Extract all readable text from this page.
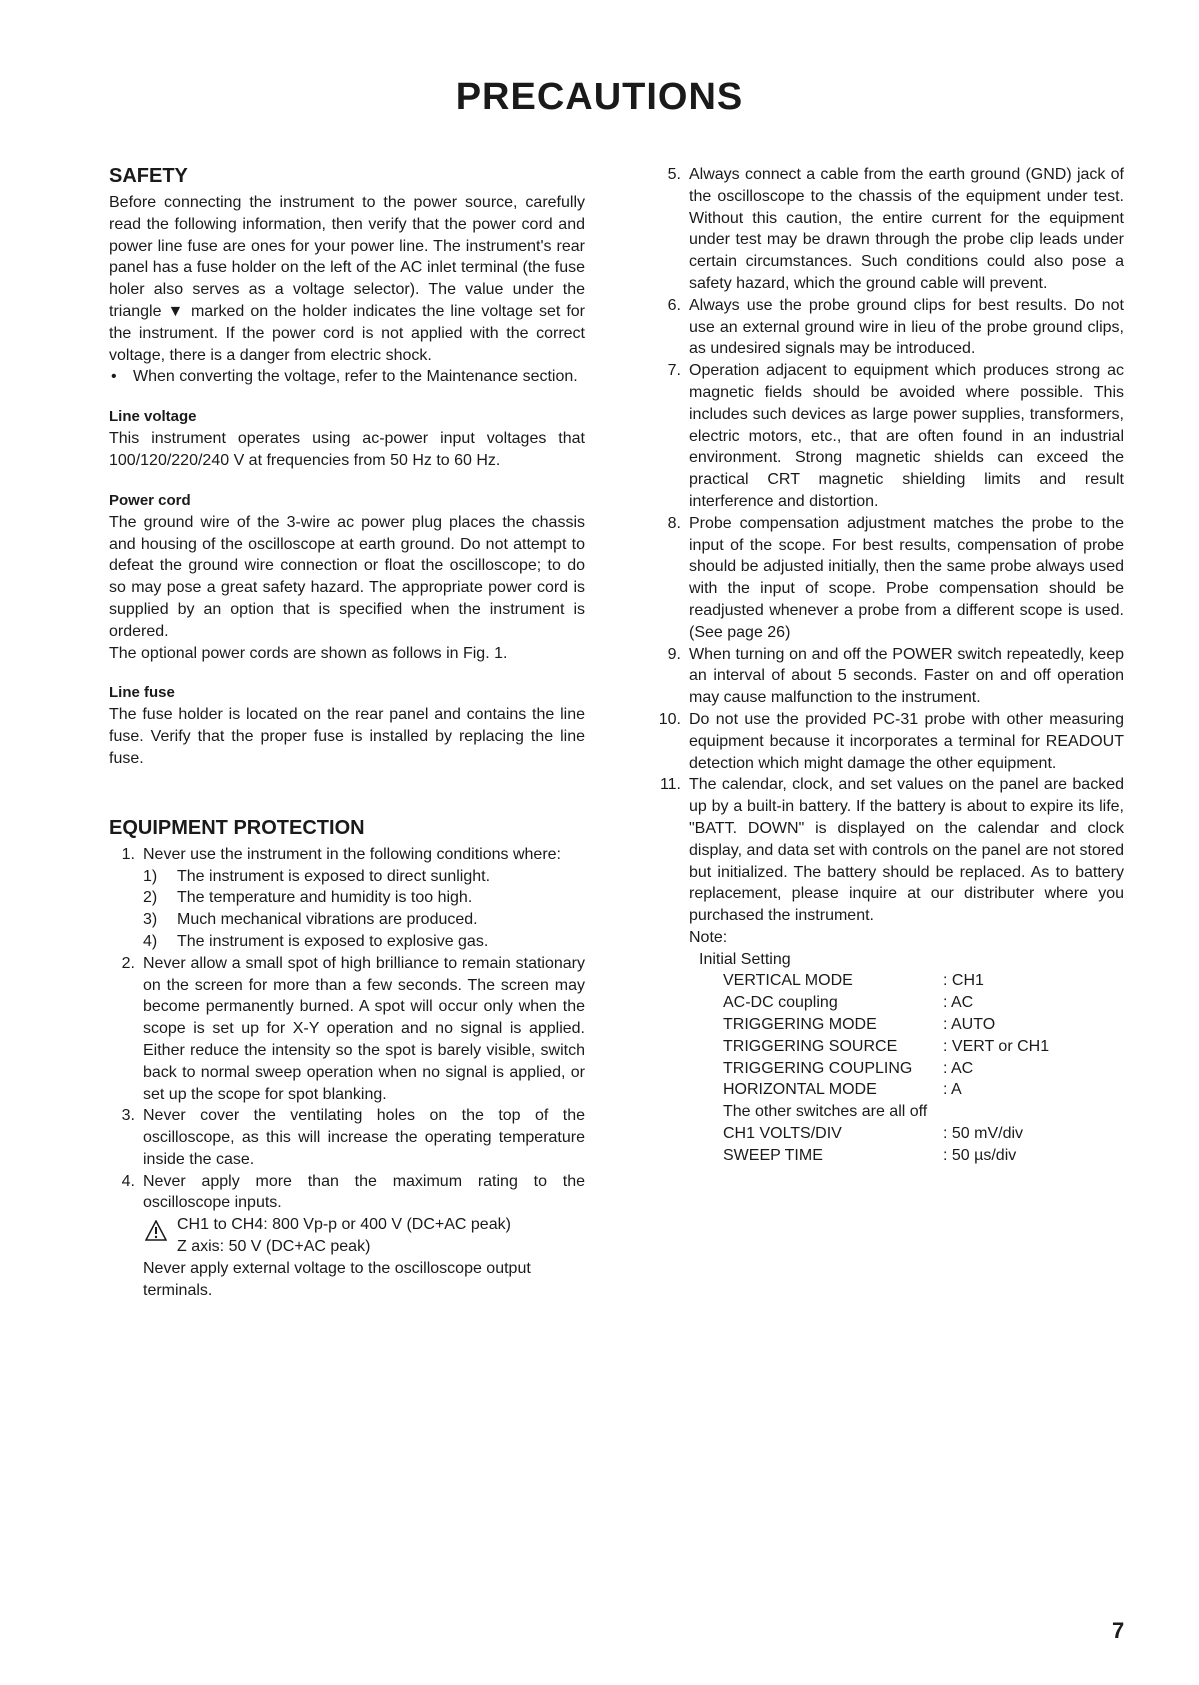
PRECAUTIONS
SAFETY

Before connecting the instrument to the power source, carefully read the following information, then verify that the power cord and power line fuse are ones for your power line. The instrument's rear panel has a fuse holder on the left of the AC inlet terminal (the fuse holer also serves as a voltage selector). The value under the triangle ▼ marked on the holder indicates the line voltage set for the instrument. If the power cord is not applied with the correct voltage, there is a danger from electric shock.

• When converting the voltage, refer to the Maintenance section.

Line voltage

This instrument operates using ac-power input voltages that 100/120/220/240 V at frequencies from 50 Hz to 60 Hz.

Power cord

The ground wire of the 3-wire ac power plug places the chassis and housing of the oscilloscope at earth ground. Do not attempt to defeat the ground wire connection or float the oscilloscope; to do so may pose a great safety hazard. The appropriate power cord is supplied by an option that is specified when the instrument is ordered.

The optional power cords are shown as follows in Fig. 1.

Line fuse

The fuse holder is located on the rear panel and contains the line fuse. Verify that the proper fuse is installed by replacing the line fuse.

EQUIPMENT PROTECTION

1. Never use the instrument in the following conditions where:

1) The instrument is exposed to direct sunlight.

2) The temperature and humidity is too high.

3) Much mechanical vibrations are produced.

4) The instrument is exposed to explosive gas.

2. Never allow a small spot of high brilliance to remain stationary on the screen for more than a few seconds. The screen may become permanently burned. A spot will occur only when the scope is set up for X-Y operation and no signal is applied. Either reduce the intensity so the spot is barely visible, switch back to normal sweep operation when no signal is applied, or set up the scope for spot blanking.

3. Never cover the ventilating holes on the top of the oscilloscope, as this will increase the operating temperature inside the case.

4. Never apply more than the maximum rating to the oscilloscope inputs.

CH1 to CH4: 800 Vp-p or 400 V (DC+AC peak)
Z axis: 50 V (DC+AC peak)

Never apply external voltage to the oscilloscope output terminals.

5. Always connect a cable from the earth ground (GND) jack of the oscilloscope to the chassis of the equipment under test. Without this caution, the entire current for the equipment under test may be drawn through the probe clip leads under certain circumstances. Such conditions could also pose a safety hazard, which the ground cable will prevent.

6. Always use the probe ground clips for best results. Do not use an external ground wire in lieu of the probe ground clips, as undesired signals may be introduced.

7. Operation adjacent to equipment which produces strong ac magnetic fields should be avoided where possible. This includes such devices as large power supplies, transformers, electric motors, etc., that are often found in an industrial environment. Strong magnetic shields can exceed the practical CRT magnetic shielding limits and result interference and distortion.

8. Probe compensation adjustment matches the probe to the input of the scope. For best results, compensation of probe should be adjusted initially, then the same probe always used with the input of scope. Probe compensation should be readjusted whenever a probe from a different scope is used. (See page 26)

9. When turning on and off the POWER switch repeatedly, keep an interval of about 5 seconds. Faster on and off operation may cause malfunction to the instrument.

10. Do not use the provided PC-31 probe with other measuring equipment because it incorporates a terminal for READOUT detection which might damage the other equipment.

11. The calendar, clock, and set values on the panel are backed up by a built-in battery. If the battery is about to expire its life, "BATT. DOWN" is displayed on the calendar and clock display, and data set with controls on the panel are not stored but initialized. The battery should be replaced. As to battery replacement, please inquire at our distributer where you purchased the instrument.

Note:

Initial Setting

VERTICAL MODE	: CH1
AC-DC coupling	: AC
TRIGGERING MODE	: AUTO
TRIGGERING SOURCE	: VERT or CH1
TRIGGERING COUPLING	: AC
HORIZONTAL MODE	: A

The other switches are all off

CH1 VOLTS/DIV	: 50 mV/div
SWEEP TIME	: 50 µs/div
7
